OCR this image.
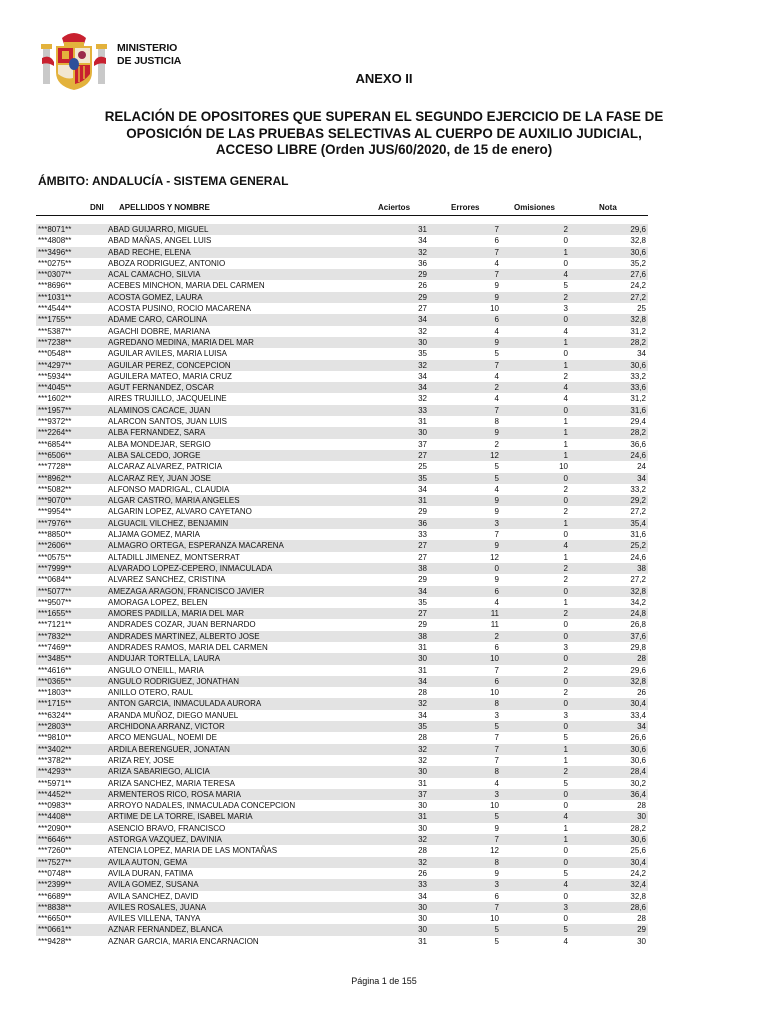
MINISTERIO
DE JUSTICIA
ANEXO II
RELACIÓN DE OPOSITORES QUE SUPERAN EL SEGUNDO EJERCICIO DE LA FASE DE
OPOSICIÓN DE LAS PRUEBAS SELECTIVAS AL CUERPO DE AUXILIO JUDICIAL,
ACCESO LIBRE (Orden JUS/60/2020, de 15 de enero)
ÁMBITO: ANDALUCÍA - SISTEMA GENERAL
DNI APELLIDOS Y NOMBRE	Aciertos	Errores	Omisiones	Nota
***8071**	ABAD GUIJARRO, MIGUEL	31	7	2	29,6
***4808**	ABAD MAÑAS, ANGEL LUIS	34	6	0	32,8
***3496**	ABAD RECHE, ELENA	32	7	1	30,6
***0275**	ABOZA RODRIGUEZ, ANTONIO	36	4	0	35,2
***0307**	ACAL CAMACHO, SILVIA	29	7	4	27,6
***8696**	ACEBES MINCHON, MARIA DEL CARMEN	26	9	5	24,2
***1031**	ACOSTA GOMEZ, LAURA	29	9	2	27,2
***4544**	ACOSTA PUSINO, ROCIO MACARENA	27	10	3	25
***1755**	ADAME CARO, CAROLINA	34	6	0	32,8
***5387**	AGACHI DOBRE, MARIANA	32	4	4	31,2
***7238**	AGREDANO MEDINA, MARIA DEL MAR	30	9	1	28,2
***0548**	AGUILAR AVILES, MARIA LUISA	35	5	0	34
***4297**	AGUILAR PEREZ, CONCEPCION	32	7	1	30,6
***5934**	AGUILERA MATEO, MARIA CRUZ	34	4	2	33,2
***4045**	AGUT FERNANDEZ, OSCAR	34	2	4	33,6
***1602**	AIRES TRUJILLO, JACQUELINE	32	4	4	31,2
***1957**	ALAMINOS CACACE, JUAN	33	7	0	31,6
***9372**	ALARCON SANTOS, JUAN LUIS	31	8	1	29,4
***2264**	ALBA FERNANDEZ, SARA	30	9	1	28,2
***6854**	ALBA MONDEJAR, SERGIO	37	2	1	36,6
***6506**	ALBA SALCEDO, JORGE	27	12	1	24,6
***7728**	ALCARAZ ALVAREZ, PATRICIA	25	5	10	24
***8962**	ALCARAZ REY, JUAN JOSE	35	5	0	34
***5082**	ALFONSO MADRIGAL, CLAUDIA	34	4	2	33,2
***9070**	ALGAR CASTRO, MARIA ANGELES	31	9	0	29,2
***9954**	ALGARIN LOPEZ, ALVARO CAYETANO	29	9	2	27,2
***7976**	ALGUACIL VILCHEZ, BENJAMIN	36	3	1	35,4
***8850**	ALJAMA GOMEZ, MARIA	33	7	0	31,6
***2606**	ALMAGRO ORTEGA, ESPERANZA MACARENA	27	9	4	25,2
***0575**	ALTADILL JIMENEZ, MONTSERRAT	27	12	1	24,6
***7999**	ALVARADO LOPEZ-CEPERO, INMACULADA	38	0	2	38
***0684**	ALVAREZ SANCHEZ, CRISTINA	29	9	2	27,2
***5077**	AMEZAGA ARAGON, FRANCISCO JAVIER	34	6	0	32,8
***9507**	AMORAGA LOPEZ, BELEN	35	4	1	34,2
***1655**	AMORES PADILLA, MARIA DEL MAR	27	11	2	24,8
***7121**	ANDRADES COZAR, JUAN BERNARDO	29	11	0	26,8
***7832**	ANDRADES MARTINEZ, ALBERTO JOSE	38	2	0	37,6
***7469**	ANDRADES RAMOS, MARIA DEL CARMEN	31	6	3	29,8
***3485**	ANDUJAR TORTELLA, LAURA	30	10	0	28
***4616**	ANGULO O'NEILL, MARIA	31	7	2	29,6
***0365**	ANGULO RODRIGUEZ, JONATHAN	34	6	0	32,8
***1803**	ANILLO OTERO, RAUL	28	10	2	26
***1715**	ANTON GARCIA, INMACULADA AURORA	32	8	0	30,4
***6324**	ARANDA MUÑOZ, DIEGO MANUEL	34	3	3	33,4
***2803**	ARCHIDONA ARRANZ, VICTOR	35	5	0	34
***9810**	ARCO MENGUAL, NOEMI DE	28	7	5	26,6
***3402**	ARDILA BERENGUER, JONATAN	32	7	1	30,6
***3782**	ARIZA REY, JOSE	32	7	1	30,6
***4293**	ARIZA SABARIEGO, ALICIA	30	8	2	28,4
***5971**	ARIZA SANCHEZ, MARIA TERESA	31	4	5	30,2
***4452**	ARMENTEROS RICO, ROSA MARIA	37	3	0	36,4
***0983**	ARROYO NADALES, INMACULADA CONCEPCION	30	10	0	28
***4408**	ARTIME DE LA TORRE, ISABEL MARIA	31	5	4	30
***2090**	ASENCIO BRAVO, FRANCISCO	30	9	1	28,2
***6646**	ASTORGA VAZQUEZ, DAVINIA	32	7	1	30,6
***7260**	ATENCIA LOPEZ, MARIA DE LAS MONTAÑAS	28	12	0	25,6
***7527**	AVILA AUTON, GEMA	32	8	0	30,4
***0748**	AVILA DURAN, FATIMA	26	9	5	24,2
***2399**	AVILA GOMEZ, SUSANA	33	3	4	32,4
***6689**	AVILA SANCHEZ, DAVID	34	6	0	32,8
***8838**	AVILES ROSALES, JUANA	30	7	3	28,6
***6650**	AVILES VILLENA, TANYA	30	10	0	28
***0661**	AZNAR FERNANDEZ, BLANCA	30	5	5	29
***9428**	AZNAR GARCIA, MARIA ENCARNACION	31	5	4	30
Página 1 de 155
